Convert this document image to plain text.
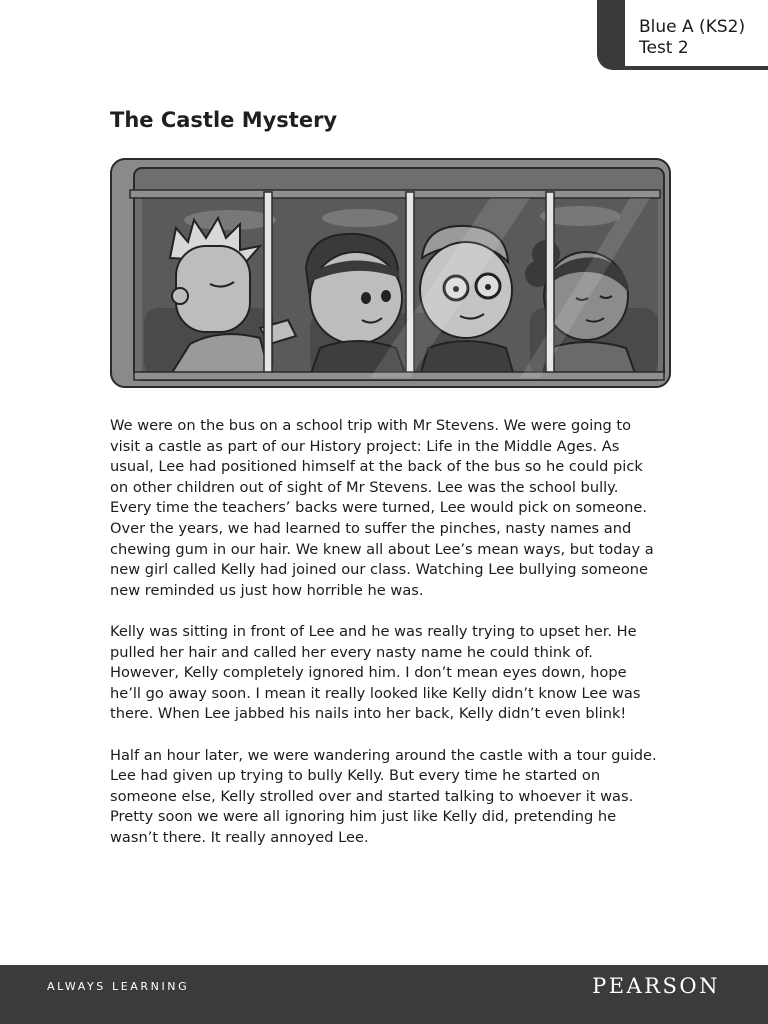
Blue A (KS2)
Test 2
The Castle Mystery

We were on the bus on a school trip with Mr Stevens. We were going to visit a castle as part of our History project: Life in the Middle Ages. As usual, Lee had positioned himself at the back of the bus so he could pick on other children out of sight of Mr Stevens. Lee was the school bully. Every time the teachers’ backs were turned, Lee would pick on someone. Over the years, we had learned to suffer the pinches, nasty names and chewing gum in our hair. We knew all about Lee’s mean ways, but today a new girl called Kelly had joined our class. Watching Lee bullying someone new reminded us just how horrible he was.

Kelly was sitting in front of Lee and he was really trying to upset her. He pulled her hair and called her every nasty name he could think of. However, Kelly completely ignored him. I don’t mean eyes down, hope he’ll go away soon. I mean it really looked like Kelly didn’t know Lee was there. When Lee jabbed his nails into her back, Kelly didn’t even blink!

Half an hour later, we were wandering around the castle with a tour guide. Lee had given up trying to bully Kelly. But every time he started on someone else, Kelly strolled over and started talking to whoever it was. Pretty soon we were all ignoring him just like Kelly did, pretending he wasn’t there. It really annoyed Lee.

ALWAYS LEARNING	PEARSON
